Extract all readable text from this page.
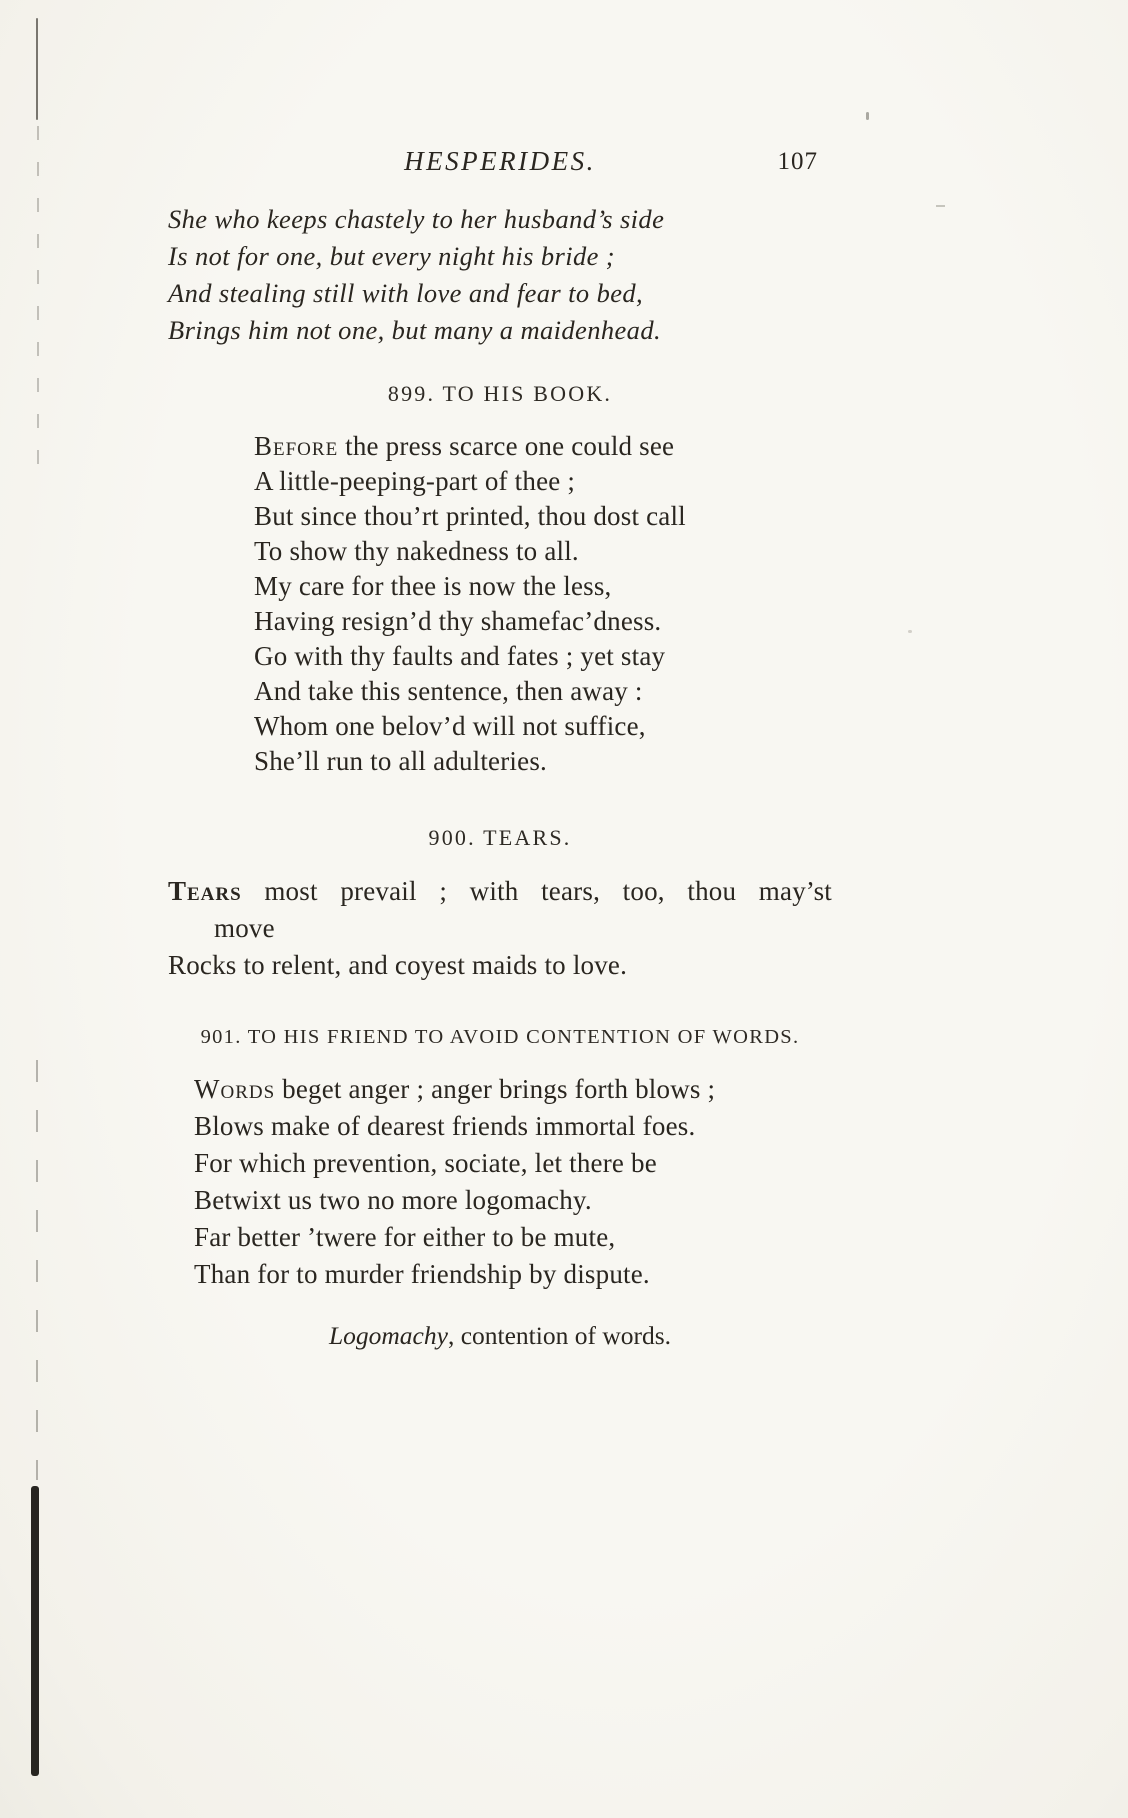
HESPERIDES.	107
She who keeps chastely to her husband’s side
Is not for one, but every night his bride ;
And stealing still with love and fear to bed,
Brings him not one, but many a maidenhead.
899. TO HIS BOOK.
Before the press scarce one could see
A little-peeping-part of thee ;
But since thou’rt printed, thou dost call
To show thy nakedness to all.
My care for thee is now the less,
Having resign’d thy shamefac’dness.
Go with thy faults and fates ; yet stay
And take this sentence, then away :
Whom one belov’d will not suffice,
She’ll run to all adulteries.
900. TEARS.
Tears most prevail ; with tears, too, thou may’st
move
Rocks to relent, and coyest maids to love.
901. TO HIS FRIEND TO AVOID CONTENTION OF WORDS.
Words beget anger ; anger brings forth blows ;
Blows make of dearest friends immortal foes.
For which prevention, sociate, let there be
Betwixt us two no more logomachy.
Far better ’twere for either to be mute,
Than for to murder friendship by dispute.
Logomachy, contention of words.
